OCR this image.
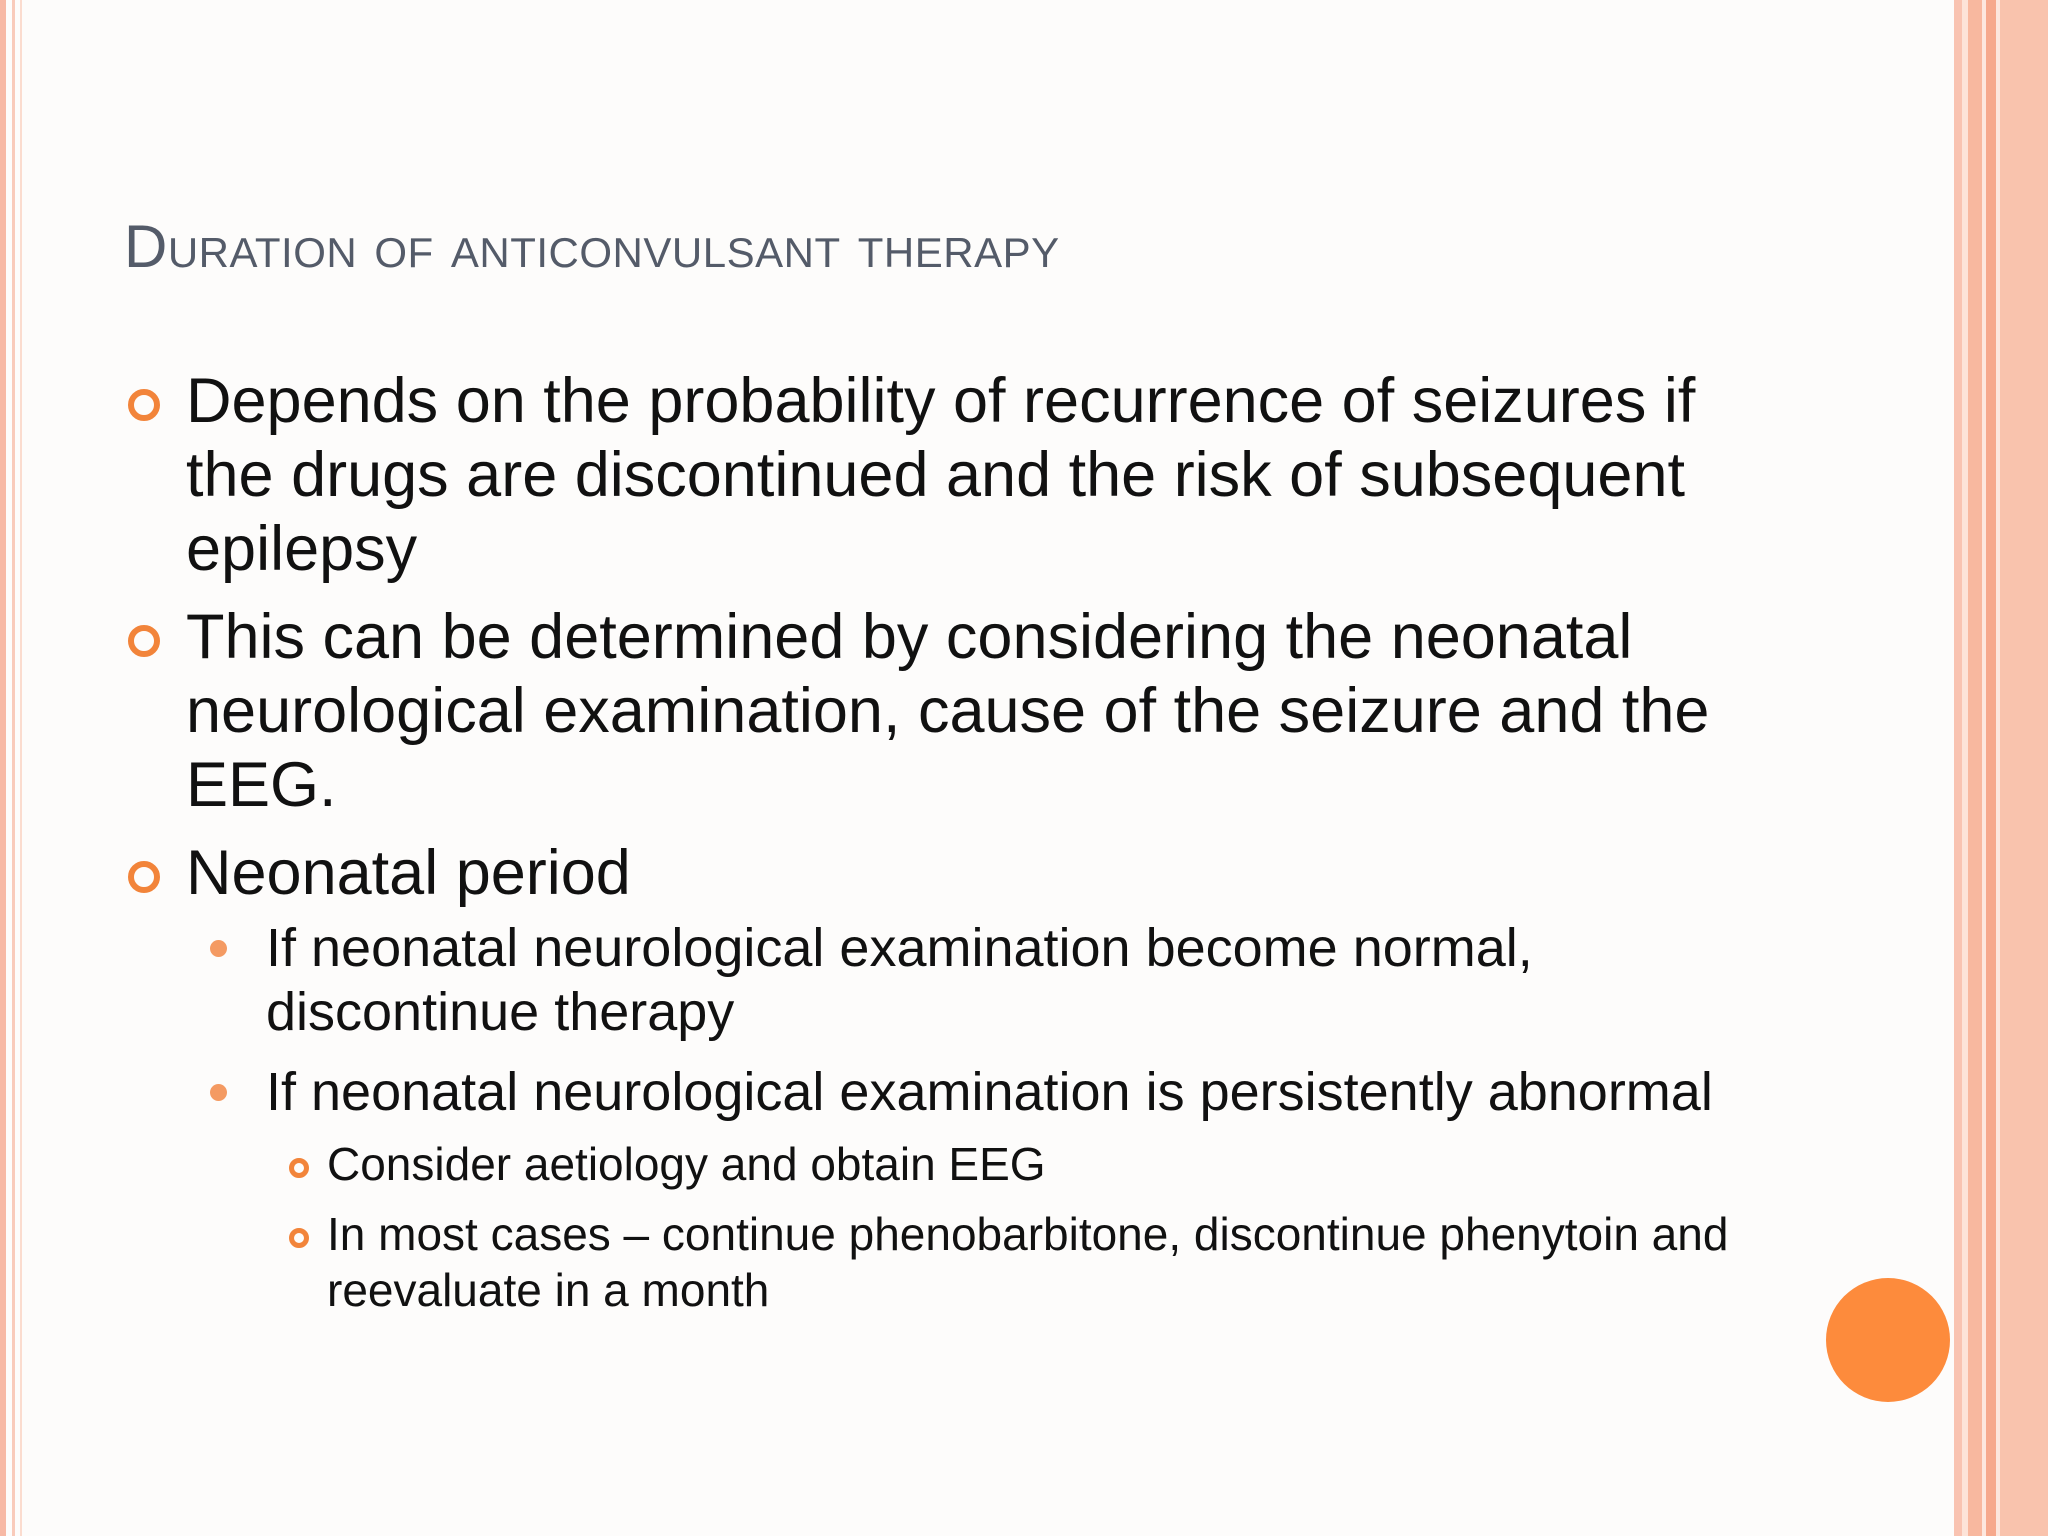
Duration of anticonvulsant therapy
Depends on the probability of recurrence of seizures if the drugs are discontinued and the risk of subsequent epilepsy
This can be determined by considering the neonatal neurological examination, cause of the seizure and the EEG.
Neonatal period
If neonatal neurological examination become normal, discontinue therapy
If neonatal neurological examination is persistently abnormal
Consider aetiology and obtain EEG
In most cases – continue phenobarbitone, discontinue phenytoin and reevaluate in a month
